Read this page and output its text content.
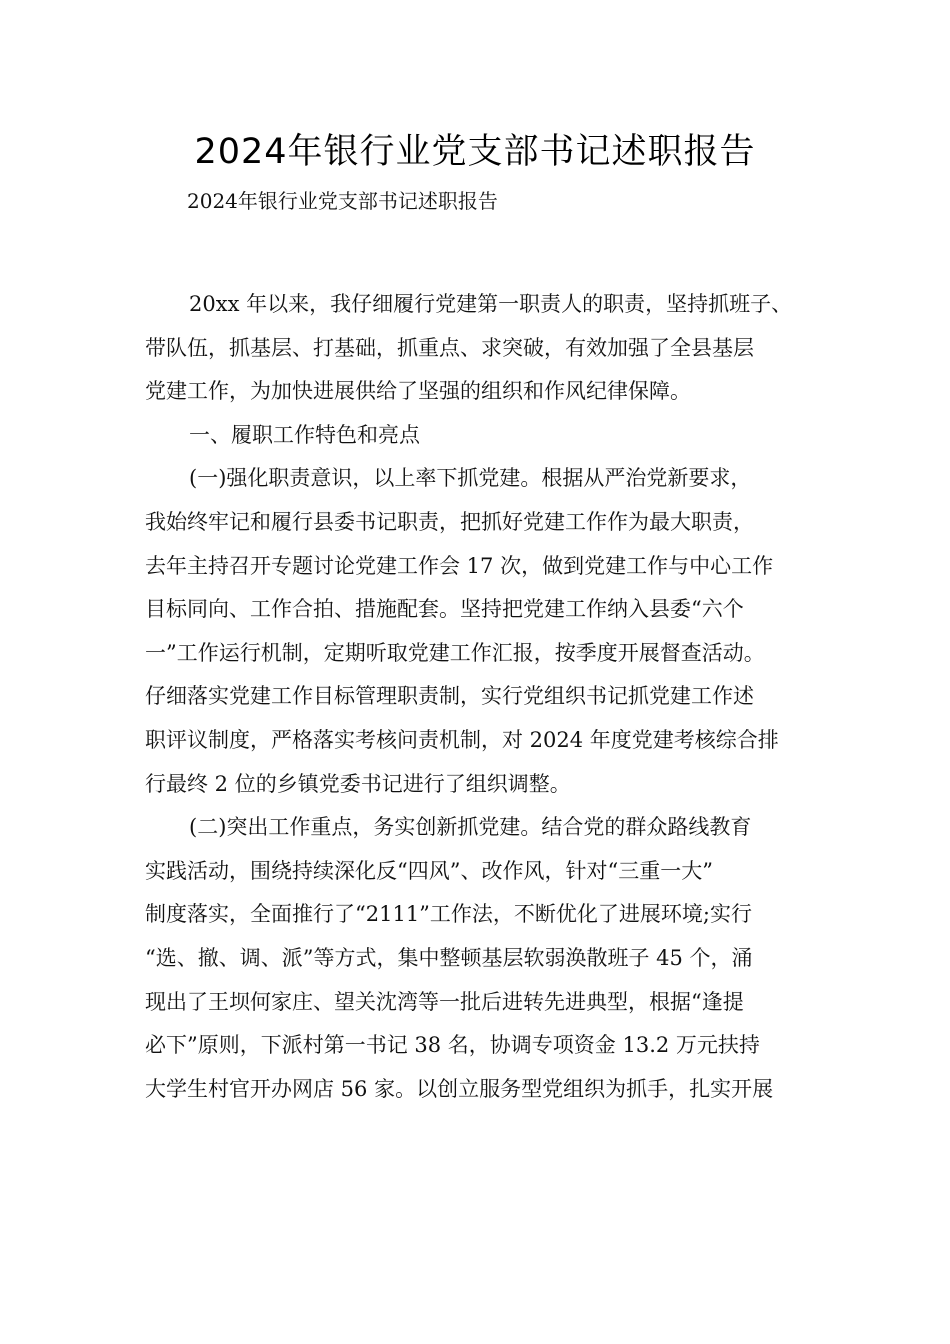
2024年银行业党支部书记述职报告
2024年银行业党支部书记述职报告
20xx 年以来，我仔细履行党建第一职责人的职责，坚持抓班子、
带队伍，抓基层、打基础，抓重点、求突破，有效加强了全县基层
党建工作，为加快进展供给了坚强的组织和作风纪律保障。
一、履职工作特色和亮点
(一)强化职责意识，以上率下抓党建。根据从严治党新要求，
我始终牢记和履行县委书记职责，把抓好党建工作作为最大职责，
去年主持召开专题讨论党建工作会 17 次，做到党建工作与中心工作
目标同向、工作合拍、措施配套。坚持把党建工作纳入县委“六个
一”工作运行机制，定期听取党建工作汇报，按季度开展督查活动。
仔细落实党建工作目标管理职责制，实行党组织书记抓党建工作述
职评议制度，严格落实考核问责机制，对 2024 年度党建考核综合排
行最终 2 位的乡镇党委书记进行了组织调整。
(二)突出工作重点，务实创新抓党建。结合党的群众路线教育
实践活动，围绕持续深化反“四风”、改作风，针对“三重一大”
制度落实，全面推行了“2111”工作法，不断优化了进展环境;实行
“选、撤、调、派”等方式，集中整顿基层软弱涣散班子 45 个，涌
现出了王坝何家庄、望关沈湾等一批后进转先进典型，根据“逢提
必下”原则，下派村第一书记 38 名，协调专项资金 13.2 万元扶持
大学生村官开办网店 56 家。以创立服务型党组织为抓手，扎实开展
